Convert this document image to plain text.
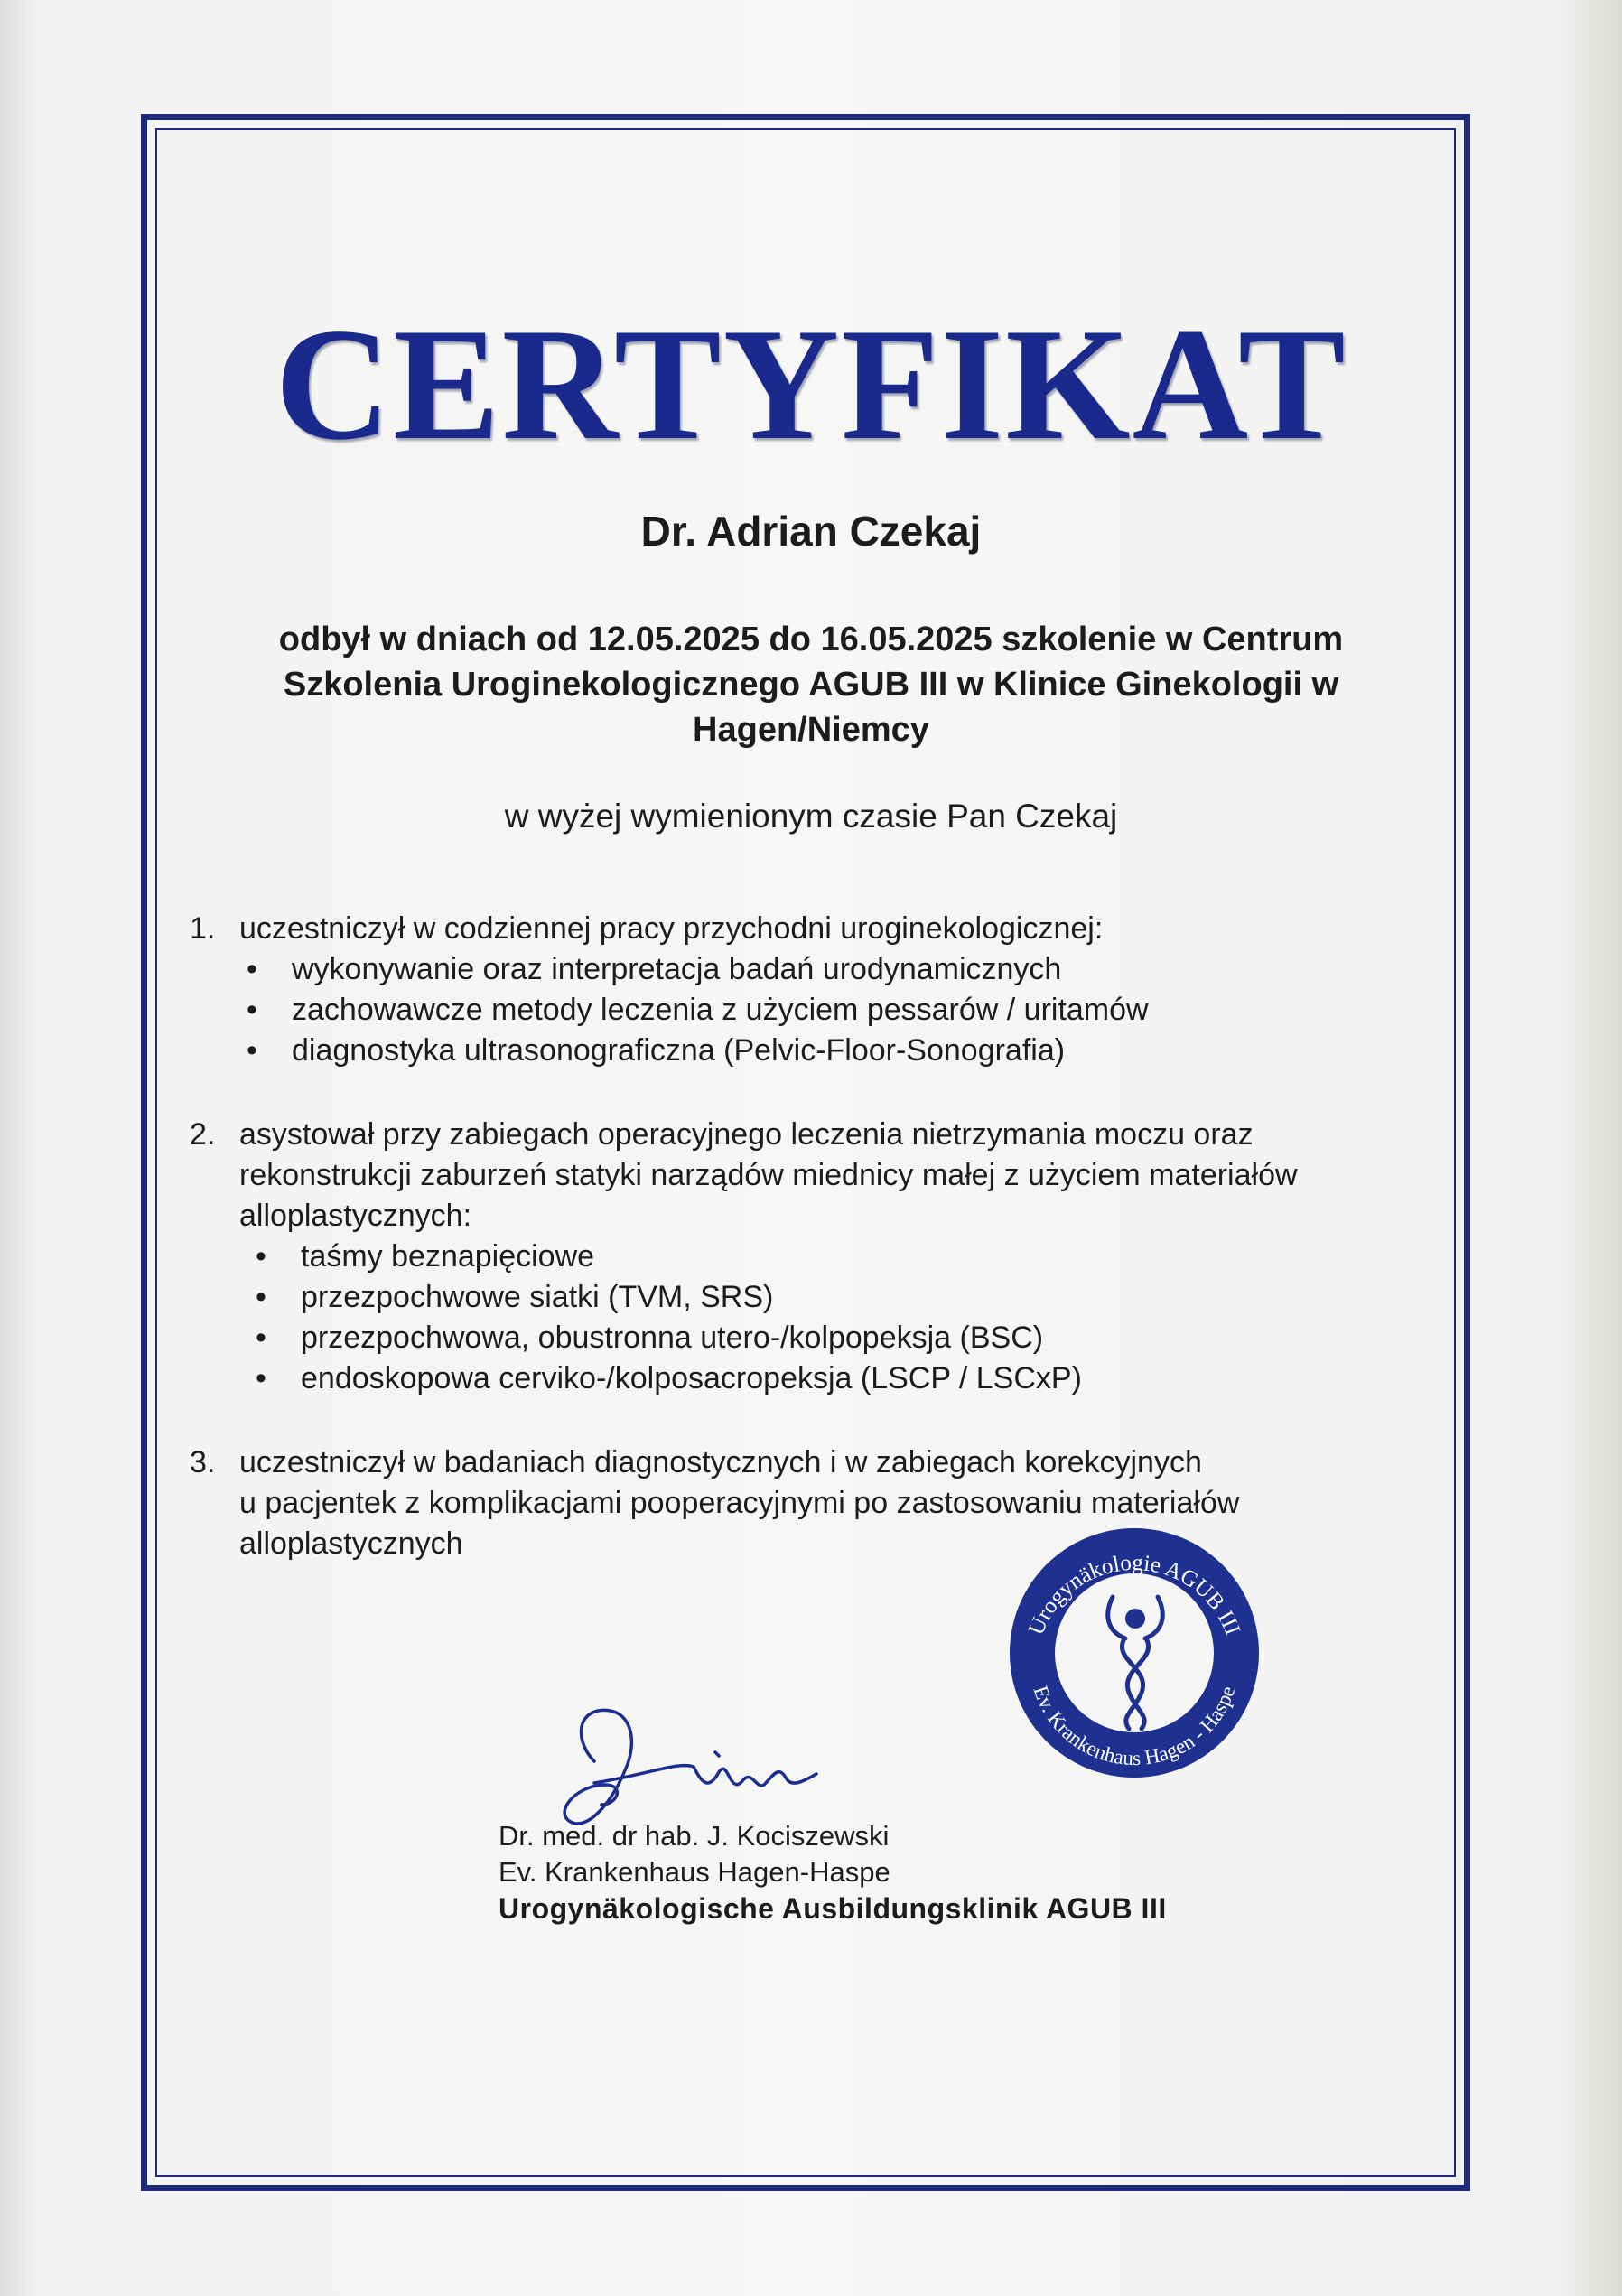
CERTYFIKAT

Dr. Adrian Czekaj

odbył w dniach od 12.05.2025 do 16.05.2025 szkolenie w Centrum
Szkolenia Uroginekologicznego AGUB III w Klinice Ginekologii w
Hagen/Niemcy

w wyżej wymienionym czasie Pan Czekaj

1. uczestniczył w codziennej pracy przychodni uroginekologicznej:
• wykonywanie oraz interpretacja badań urodynamicznych
• zachowawcze metody leczenia z użyciem pessarów / uritamów
• diagnostyka ultrasonograficzna (Pelvic-Floor-Sonografia)
2. asystował przy zabiegach operacyjnego leczenia nietrzymania moczu oraz
rekonstrukcji zaburzeń statyki narządów miednicy małej z użyciem materiałów
alloplastycznych:
• taśmy beznapięciowe
• przezpochwowe siatki (TVM, SRS)
• przezpochwowa, obustronna utero-/kolpopeksja (BSC)
• endoskopowa cerviko-/kolposacropeksja (LSCP / LSCxP)
3. uczestniczył w badaniach diagnostycznych i w zabiegach korekcyjnych
u pacjentek z komplikacjami pooperacyjnymi po zastosowaniu materiałów
alloplastycznych
Urogynäkologie AGUB III
Ev. Krankenhaus Hagen - Haspe
Dr. med. dr hab. J. Kociszewski
Ev. Krankenhaus Hagen-Haspe
Urogynäkologische Ausbildungsklinik AGUB III
